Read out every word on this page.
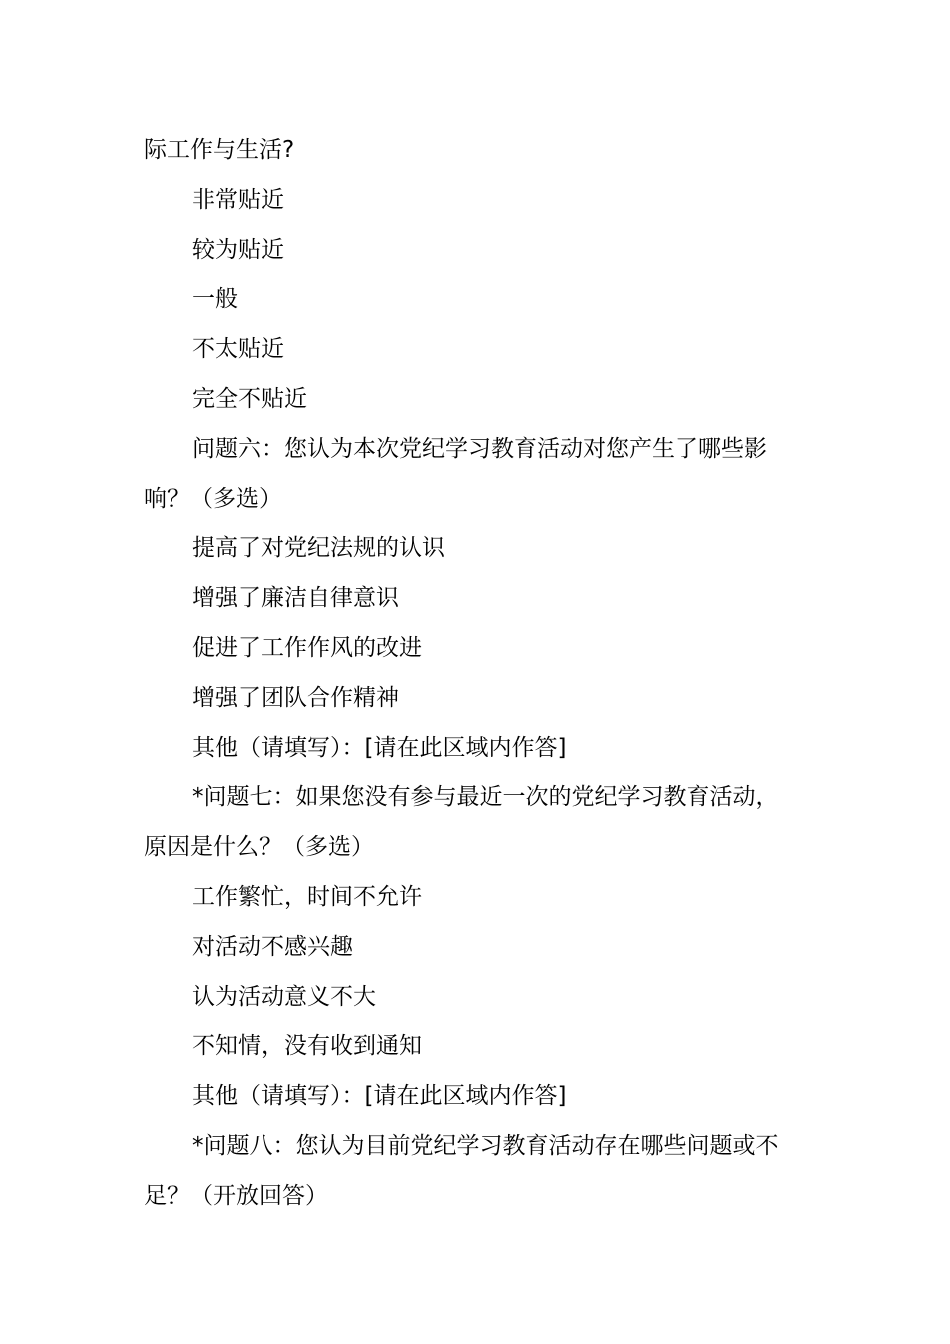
际工作与生活?
非常贴近
较为贴近
一般
不太贴近
完全不贴近
问题六：您认为本次党纪学习教育活动对您产生了哪些影
响？（多选）
提高了对党纪法规的认识
增强了廉洁自律意识
促进了工作作风的改进
增强了团队合作精神
其他（请填写）：[请在此区域内作答]
*问题七：如果您没有参与最近一次的党纪学习教育活动，
原因是什么？（多选）
工作繁忙，时间不允许
对活动不感兴趣
认为活动意义不大
不知情，没有收到通知
其他（请填写）：[请在此区域内作答]
*问题八：您认为目前党纪学习教育活动存在哪些问题或不
足？（开放回答）
